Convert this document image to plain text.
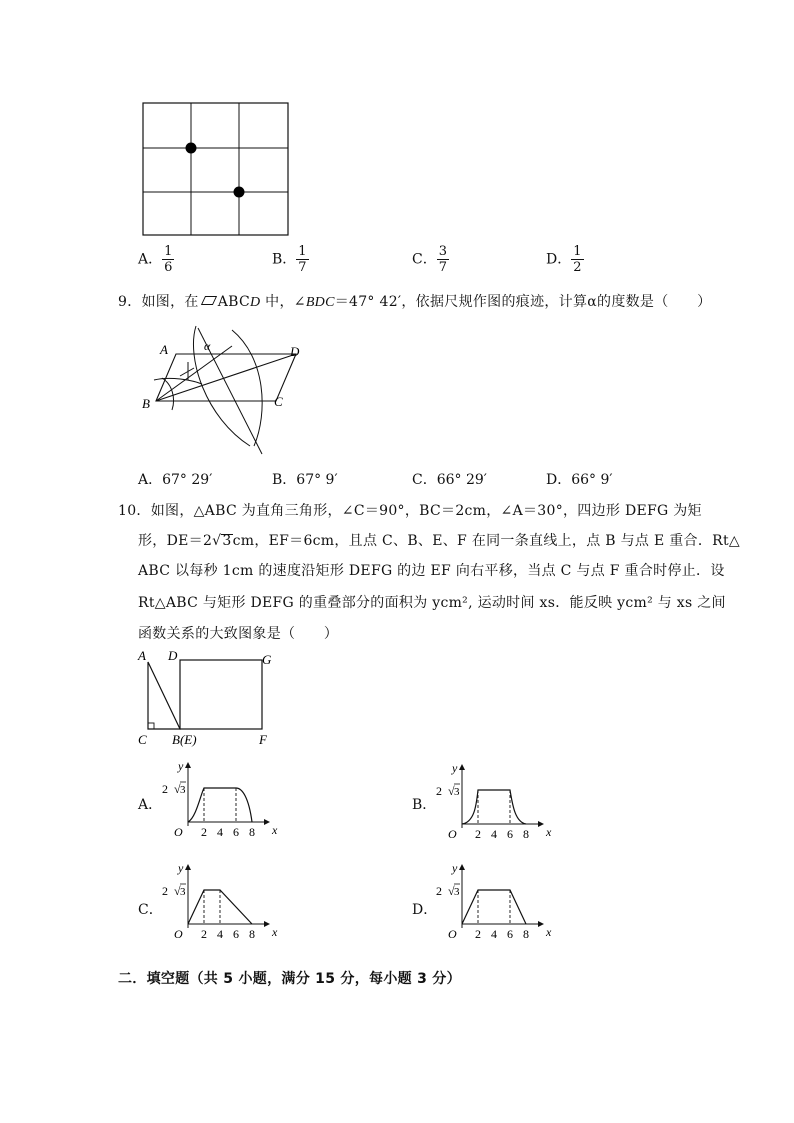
A． $\frac{1}{6}$	B． $\frac{1}{7}$	C． $\frac{3}{7}$	D． $\frac{1}{2}$
9．如图，在 ABCD 中，∠BDC＝47° 42′，依据尺规作图的痕迹，计算α的度数是（　　）
A
B	C
D
α
A．67° 29′	B．67° 9′	C．66° 29′	D．66° 9′
10．如图，△ABC 为直角三角形，∠C＝90°，BC＝2cm，∠A＝30°，四边形 DEFG 为矩
形，DE＝2√3cm，EF＝6cm，且点 C、B、E、F 在同一条直线上，点 B 与点 E 重合．Rt△
ABC 以每秒 1cm 的速度沿矩形 DEFG 的边 EF 向右平移，当点 C 与点 F 重合时停止．设
Rt△ABC 与矩形 DEFG 的重叠部分的面积为 ycm², 运动时间 xs．能反映 ycm² 与 xs 之间
函数关系的大致图象是（　　）
A D	G
C B(E)	F
A．	B．
C．	D．
y
x
O
2 √ 3
2 4 6 8
y
x
O
2 √ 3
2 4 6 8
y
x
O
2 √ 3
2 4 6 8
y
x
O
2 √ 3
2 4 6 8
二．填空题（共 5 小题，满分 15 分，每小题 3 分）
